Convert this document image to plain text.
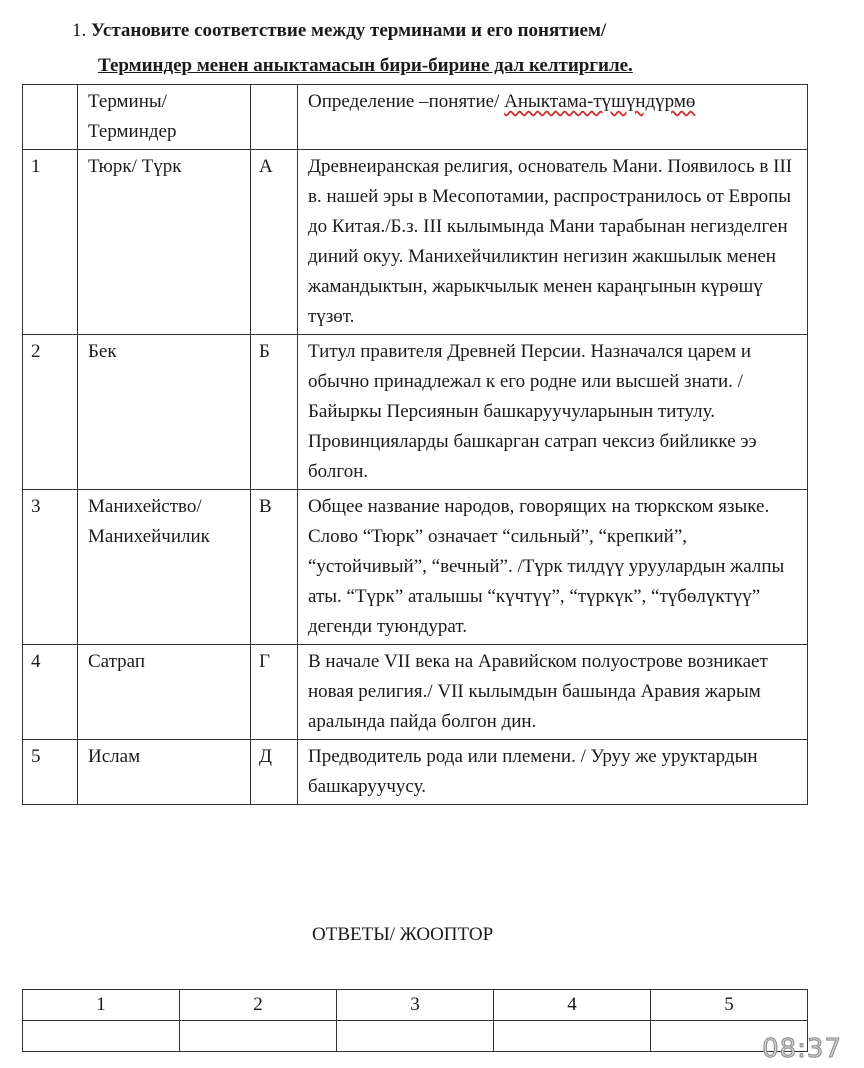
1. Установите соответствие между терминами и его понятием/
Терминдер менен аныктамасын бири-бирине дал келтиргиле.
	Термины/ Терминдер		Определение –понятие/ Аныктама-түшүндүрмө
1	Тюрк/ Түрк	А	Древнеиранская религия, основатель Мани. Появилось в III в. нашей эры в Месопотамии, распространилось от Европы до Китая./Б.з. III кылымында Мани тарабынан негизделген диний окуу. Манихейчиликтин негизин жакшылык менен жамандыктын, жарыкчылык менен караңгынын күрөшү түзөт.
2	Бек	Б	Титул правителя Древней Персии. Назначался царем и обычно принадлежал к его родне или высшей знати. /Байыркы Персиянын башкаруучуларынын титулу. Провинцияларды башкарган сатрап чексиз бийликке ээ болгон.
3	Манихейство/ Манихейчилик	В	Общее название народов, говорящих на тюркском языке. Слово “Тюрк” означает “сильный”, “крепкий”, “устойчивый”, “вечный”. /Түрк тилдүү уруулардын жалпы аты. “Түрк” аталышы “күчтүү”, “түркүк”, “түбөлүктүү” дегенди туюндурат.
4	Сатрап	Г	В начале VII века на Аравийском полуострове возникает новая религия./ VII кылымдын башында Аравия жарым аралында пайда болгон дин.
5	Ислам	Д	Предводитель рода или племени. / Уруу же уруктардын башкаруучусу.
ОТВЕТЫ/ ЖООПТОР
1	2	3	4	5

08:37
